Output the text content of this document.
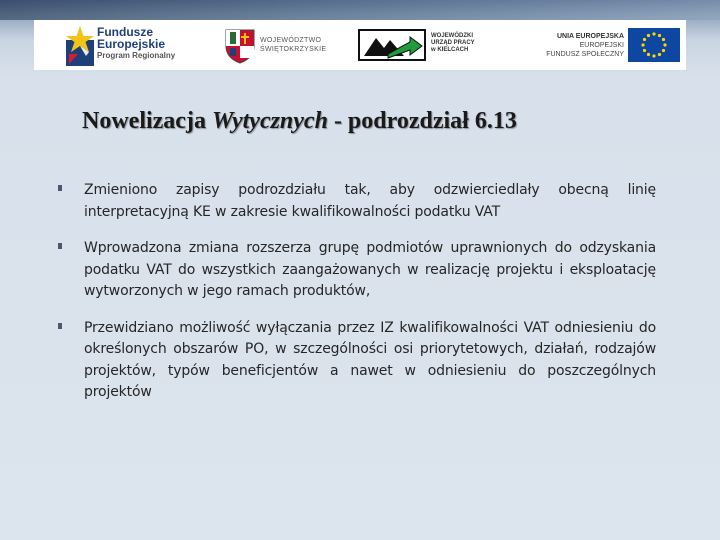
Fundusze
Europejskie
Program Regionalny
WOJEWÓDZTWO
ŚWIĘTOKRZYSKIE
WOJEWÓDZKI
URZĄD PRACY
w KIELCACH
UNIA EUROPEJSKA
EUROPEJSKI
FUNDUSZ SPOŁECZNY
Nowelizacja Wytycznych - podrozdział 6.13
Zmieniono zapisy podrozdziału tak, aby odzwierciedlały obecną linię interpretacyjną KE w zakresie kwalifikowalności podatku VAT
Wprowadzona zmiana rozszerza grupę podmiotów uprawnionych do odzyskania podatku VAT do wszystkich zaangażowanych w realizację projektu i eksploatację wytworzonych w jego ramach produktów,
Przewidziano możliwość wyłączania przez IZ kwalifikowalności VAT odniesieniu do określonych obszarów PO, w szczególności osi priorytetowych, działań, rodzajów projektów, typów beneficjentów a nawet w odniesieniu do poszczególnych projektów
